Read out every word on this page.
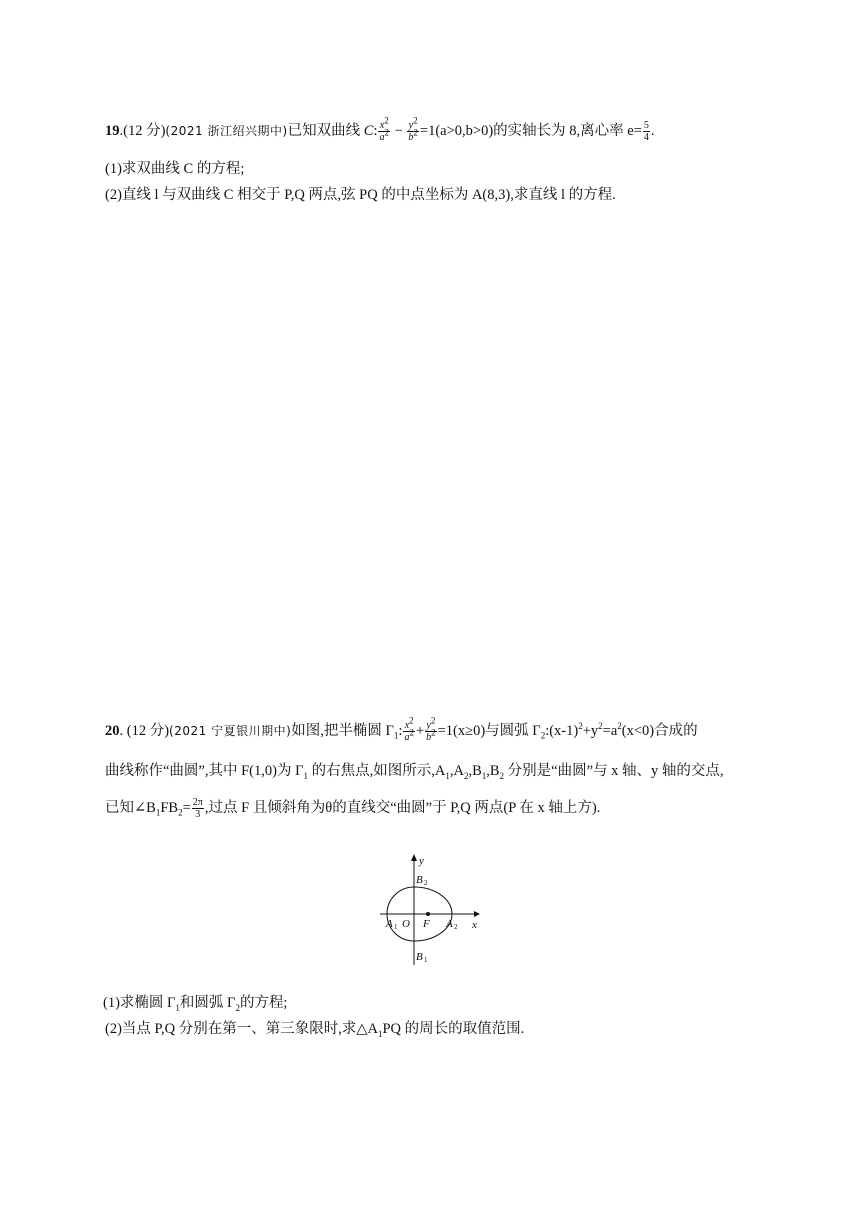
19.(12 分)(2021 浙江绍兴期中)已知双曲线 C: $\frac{x^2}{a^2} - \frac{y^2}{b^2} =1(a>0,b>0)$的实轴长为 8,离心率 $e= \frac{5}{4}$ .
(1)求双曲线 C 的方程;
(2)直线 l 与双曲线 C 相交于 P,Q 两点,弦 PQ 的中点坐标为 A(8,3),求直线 l 的方程.
20. (12 分)(2021 宁夏银川期中)如图,把半椭圆 $\Gamma_1$: $\frac{x^2}{a^2} + \frac{y^2}{b^2} =1(x\ge 0)$与圆弧 $\Gamma_2:(x-1)^2+y^2=a^2(x<0)$合成的
曲线称作“曲圆”,其中 F(1,0)为 $\Gamma_1$ 的右焦点,如图所示$,A_1,A_2,B_1,B_2$ 分别是“曲圆”与 x 轴、y 轴的交点,
已知$\angle B_1FB_2= \frac{2\pi}{3}$ ,过点 F 且倾斜角为θ的直线交“曲圆”于 P,Q 两点(P 在 x 轴上方).
y
x
B 2
B 1
A 1 O F A 2
(1)求椭圆 $\Gamma_1$和圆弧 $\Gamma_2$的方程;
(2)当点 P,Q 分别在第一、第三象限时,求$\triangle A_1PQ$ 的周长的取值范围.
